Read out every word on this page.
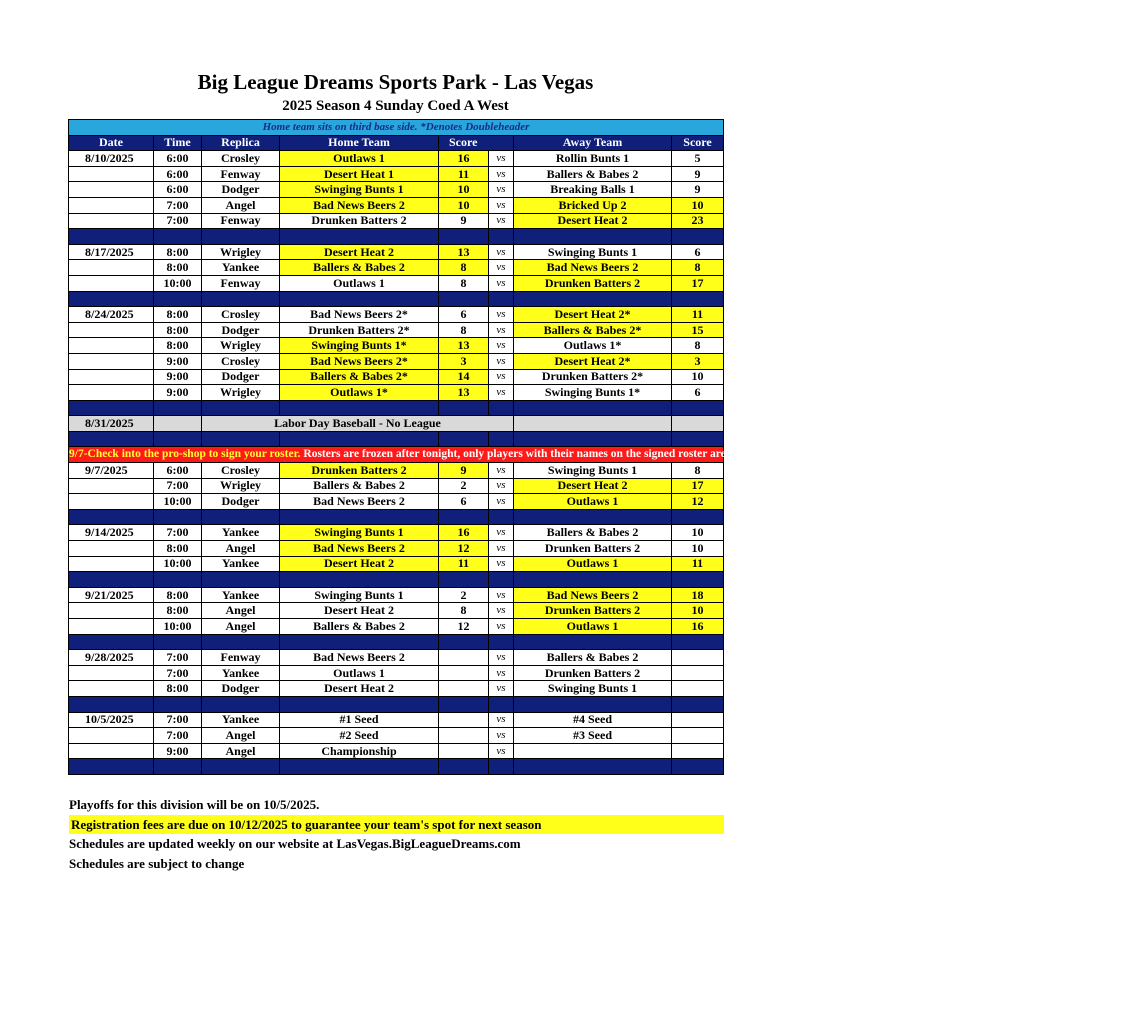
Big League Dreams Sports Park - Las Vegas
2025 Season 4 Sunday Coed A West
Home team sits on third base side. *Denotes Doubleheader							
Date	Time	Replica	Home Team	Score		Away Team	Score
8/10/2025	6:00	Crosley	Outlaws 1	16	vs	Rollin Bunts 1	5
	6:00	Fenway	Desert Heat 1	11	vs	Ballers & Babes 2	9
	6:00	Dodger	Swinging Bunts 1	10	vs	Breaking Balls 1	9
	7:00	Angel	Bad News Beers 2	10	vs	Bricked Up 2	10
	7:00	Fenway	Drunken Batters 2	9	vs	Desert Heat 2	23

8/17/2025	8:00	Wrigley	Desert Heat 2	13	vs	Swinging Bunts 1	6
	8:00	Yankee	Ballers & Babes 2	8	vs	Bad News Beers 2	8
	10:00	Fenway	Outlaws 1	8	vs	Drunken Batters 2	17

8/24/2025	8:00	Crosley	Bad News Beers 2*	6	vs	Desert Heat 2*	11
	8:00	Dodger	Drunken Batters 2*	8	vs	Ballers & Babes 2*	15
	8:00	Wrigley	Swinging Bunts 1*	13	vs	Outlaws 1*	8
	9:00	Crosley	Bad News Beers 2*	3	vs	Desert Heat 2*	3
	9:00	Dodger	Ballers & Babes 2*	14	vs	Drunken Batters 2*	10
	9:00	Wrigley	Outlaws 1*	13	vs	Swinging Bunts 1*	6

8/31/2025		Labor Day Baseball - No League					

9/7-Check into the pro-shop to sign your roster. Rosters are frozen after tonight, only players with their names on the signed roster are eligible for playoffs. Please check carefully as changes will not be made for omissions.							
9/7/2025	6:00	Crosley	Drunken Batters 2	9	vs	Swinging Bunts 1	8
	7:00	Wrigley	Ballers & Babes 2	2	vs	Desert Heat 2	17
	10:00	Dodger	Bad News Beers 2	6	vs	Outlaws 1	12

9/14/2025	7:00	Yankee	Swinging Bunts 1	16	vs	Ballers & Babes 2	10
	8:00	Angel	Bad News Beers 2	12	vs	Drunken Batters 2	10
	10:00	Yankee	Desert Heat 2	11	vs	Outlaws 1	11

9/21/2025	8:00	Yankee	Swinging Bunts 1	2	vs	Bad News Beers 2	18
	8:00	Angel	Desert Heat 2	8	vs	Drunken Batters 2	10
	10:00	Angel	Ballers & Babes 2	12	vs	Outlaws 1	16

9/28/2025	7:00	Fenway	Bad News Beers 2		vs	Ballers & Babes 2	
	7:00	Yankee	Outlaws 1		vs	Drunken Batters 2	
	8:00	Dodger	Desert Heat 2		vs	Swinging Bunts 1	

10/5/2025	7:00	Yankee	#1 Seed		vs	#4 Seed	
	7:00	Angel	#2 Seed		vs	#3 Seed	
	9:00	Angel	Championship		vs		

Playoffs for this division will be on 10/5/2025.
Registration fees are due on 10/12/2025 to guarantee your team's spot for next season
Schedules are updated weekly on our website at LasVegas.BigLeagueDreams.com
Schedules are subject to change
